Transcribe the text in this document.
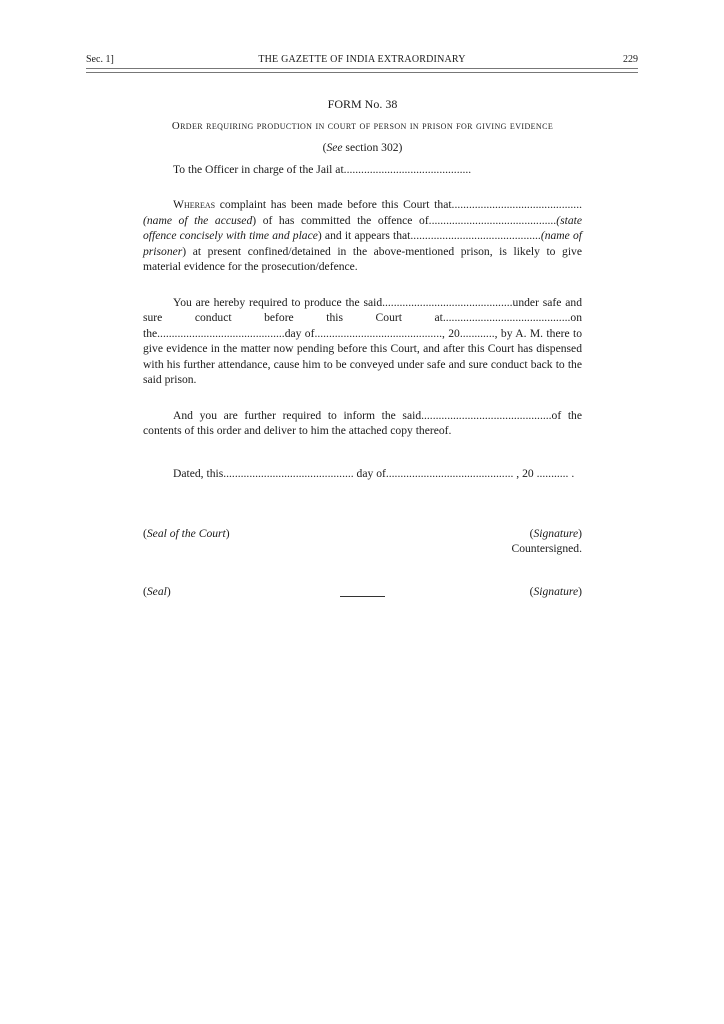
Sec. 1]	THE GAZETTE OF INDIA EXTRAORDINARY	229
FORM No. 38
Order requiring production in court of person in prison for giving evidence
(See section 302)

To the Officer in charge of the Jail at............................................

Whereas complaint has been made before this Court that.............................................(name of the accused) of has committed the offence of............................................(state offence concisely with time and place) and it appears that.............................................(name of prisoner) at present confined/detained in the above-mentioned prison, is likely to give material evidence for the prosecution/defence.

You are hereby required to produce the said.............................................under safe and sure conduct before this Court at............................................on the............................................day of............................................, 20............, by A. M. there to give evidence in the matter now pending before this Court, and after this Court has dispensed with his further attendance, cause him to be conveyed under safe and sure conduct back to the said prison.

And you are further required to inform the said.............................................of the contents of this order and deliver to him the attached copy thereof.

Dated, this............................................. day of............................................ , 20 ........... .

(Seal of the Court)	(Signature)
Countersigned.
(Seal)	(Signature)
